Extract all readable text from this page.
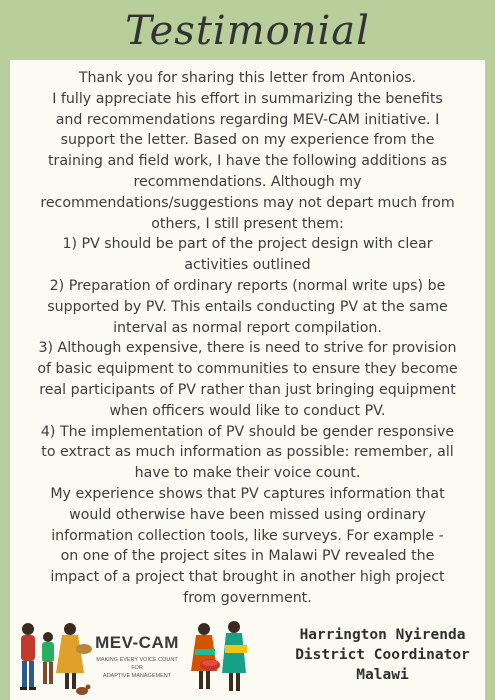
Testimonial

Thank you for sharing this letter from Antonios.

I fully appreciate his effort in summarizing the benefits

and recommendations regarding MEV-CAM initiative. I

support the letter. Based on my experience from the

training and field work, I have the following additions as

recommendations. Although my

recommendations/suggestions may not depart much from

others, I still present them:

1) PV should be part of the project design with clear

activities outlined

2) Preparation of ordinary reports (normal write ups) be

supported by PV. This entails conducting PV at the same

interval as normal report compilation.

3) Although expensive, there is need to strive for provision

of basic equipment to communities to ensure they become

real participants of PV rather than just bringing equipment

when officers would like to conduct PV.

4) The implementation of PV should be gender responsive

to extract as much information as possible: remember, all

have to make their voice count.

My experience shows that PV captures information that

would otherwise have been missed using ordinary

information collection tools, like surveys. For example -

on one of the project sites in Malawi PV revealed the

impact of a project that brought in another high project

from government.

MEV-CAM
MAKING EVERY VOICE COUNT FOR
ADAPTIVE MANAGEMENT
Harrington Nyirenda
District Coordinator
Malawi
